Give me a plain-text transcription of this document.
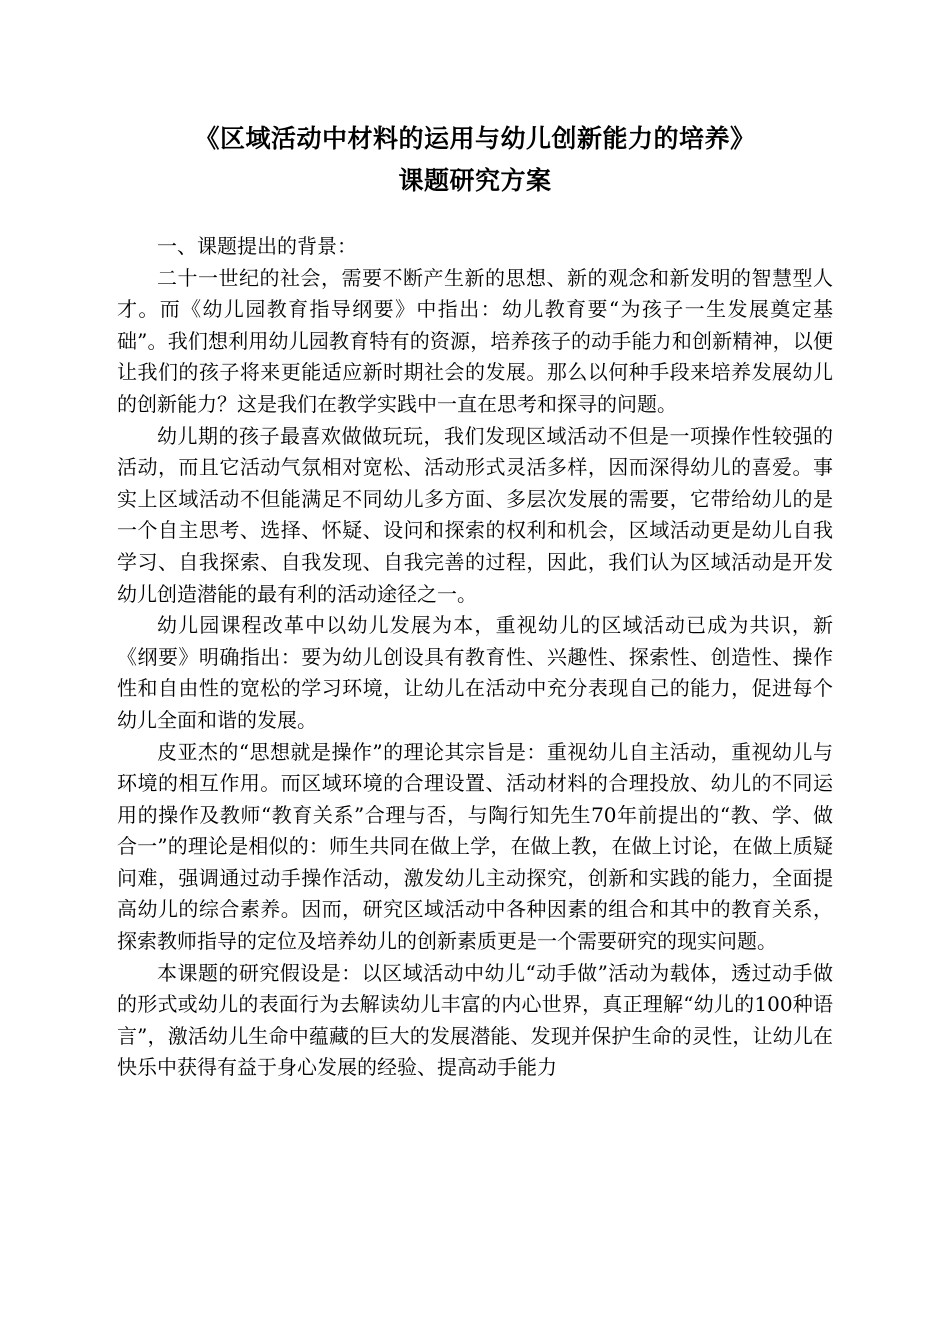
《区域活动中材料的运用与幼儿创新能力的培养》
课题研究方案

一、课题提出的背景：

二十一世纪的社会，需要不断产生新的思想、新的观念和新发明的智慧型人才。而《幼儿园教育指导纲要》中指出：幼儿教育要“为孩子一生发展奠定基础”。我们想利用幼儿园教育特有的资源，培养孩子的动手能力和创新精神，以便让我们的孩子将来更能适应新时期社会的发展。那么以何种手段来培养发展幼儿的创新能力？这是我们在教学实践中一直在思考和探寻的问题。

幼儿期的孩子最喜欢做做玩玩，我们发现区域活动不但是一项操作性较强的活动，而且它活动气氛相对宽松、活动形式灵活多样，因而深得幼儿的喜爱。事实上区域活动不但能满足不同幼儿多方面、多层次发展的需要，它带给幼儿的是一个自主思考、选择、怀疑、设问和探索的权利和机会，区域活动更是幼儿自我学习、自我探索、自我发现、自我完善的过程，因此，我们认为区域活动是开发幼儿创造潜能的最有利的活动途径之一。

幼儿园课程改革中以幼儿发展为本，重视幼儿的区域活动已成为共识，新《纲要》明确指出：要为幼儿创设具有教育性、兴趣性、探索性、创造性、操作性和自由性的宽松的学习环境，让幼儿在活动中充分表现自己的能力，促进每个幼儿全面和谐的发展。

皮亚杰的“思想就是操作”的理论其宗旨是：重视幼儿自主活动，重视幼儿与环境的相互作用。而区域环境的合理设置、活动材料的合理投放、幼儿的不同运用的操作及教师“教育关系”合理与否，与陶行知先生70年前提出的“教、学、做合一”的理论是相似的：师生共同在做上学，在做上教，在做上讨论，在做上质疑问难，强调通过动手操作活动，激发幼儿主动探究，创新和实践的能力，全面提高幼儿的综合素养。因而，研究区域活动中各种因素的组合和其中的教育关系，探索教师指导的定位及培养幼儿的创新素质更是一个需要研究的现实问题。

本课题的研究假设是：以区域活动中幼儿“动手做”活动为载体，透过动手做的形式或幼儿的表面行为去解读幼儿丰富的内心世界，真正理解“幼儿的100种语言”，激活幼儿生命中蕴藏的巨大的发展潜能、发现并保护生命的灵性，让幼儿在快乐中获得有益于身心发展的经验、提高动手能力
